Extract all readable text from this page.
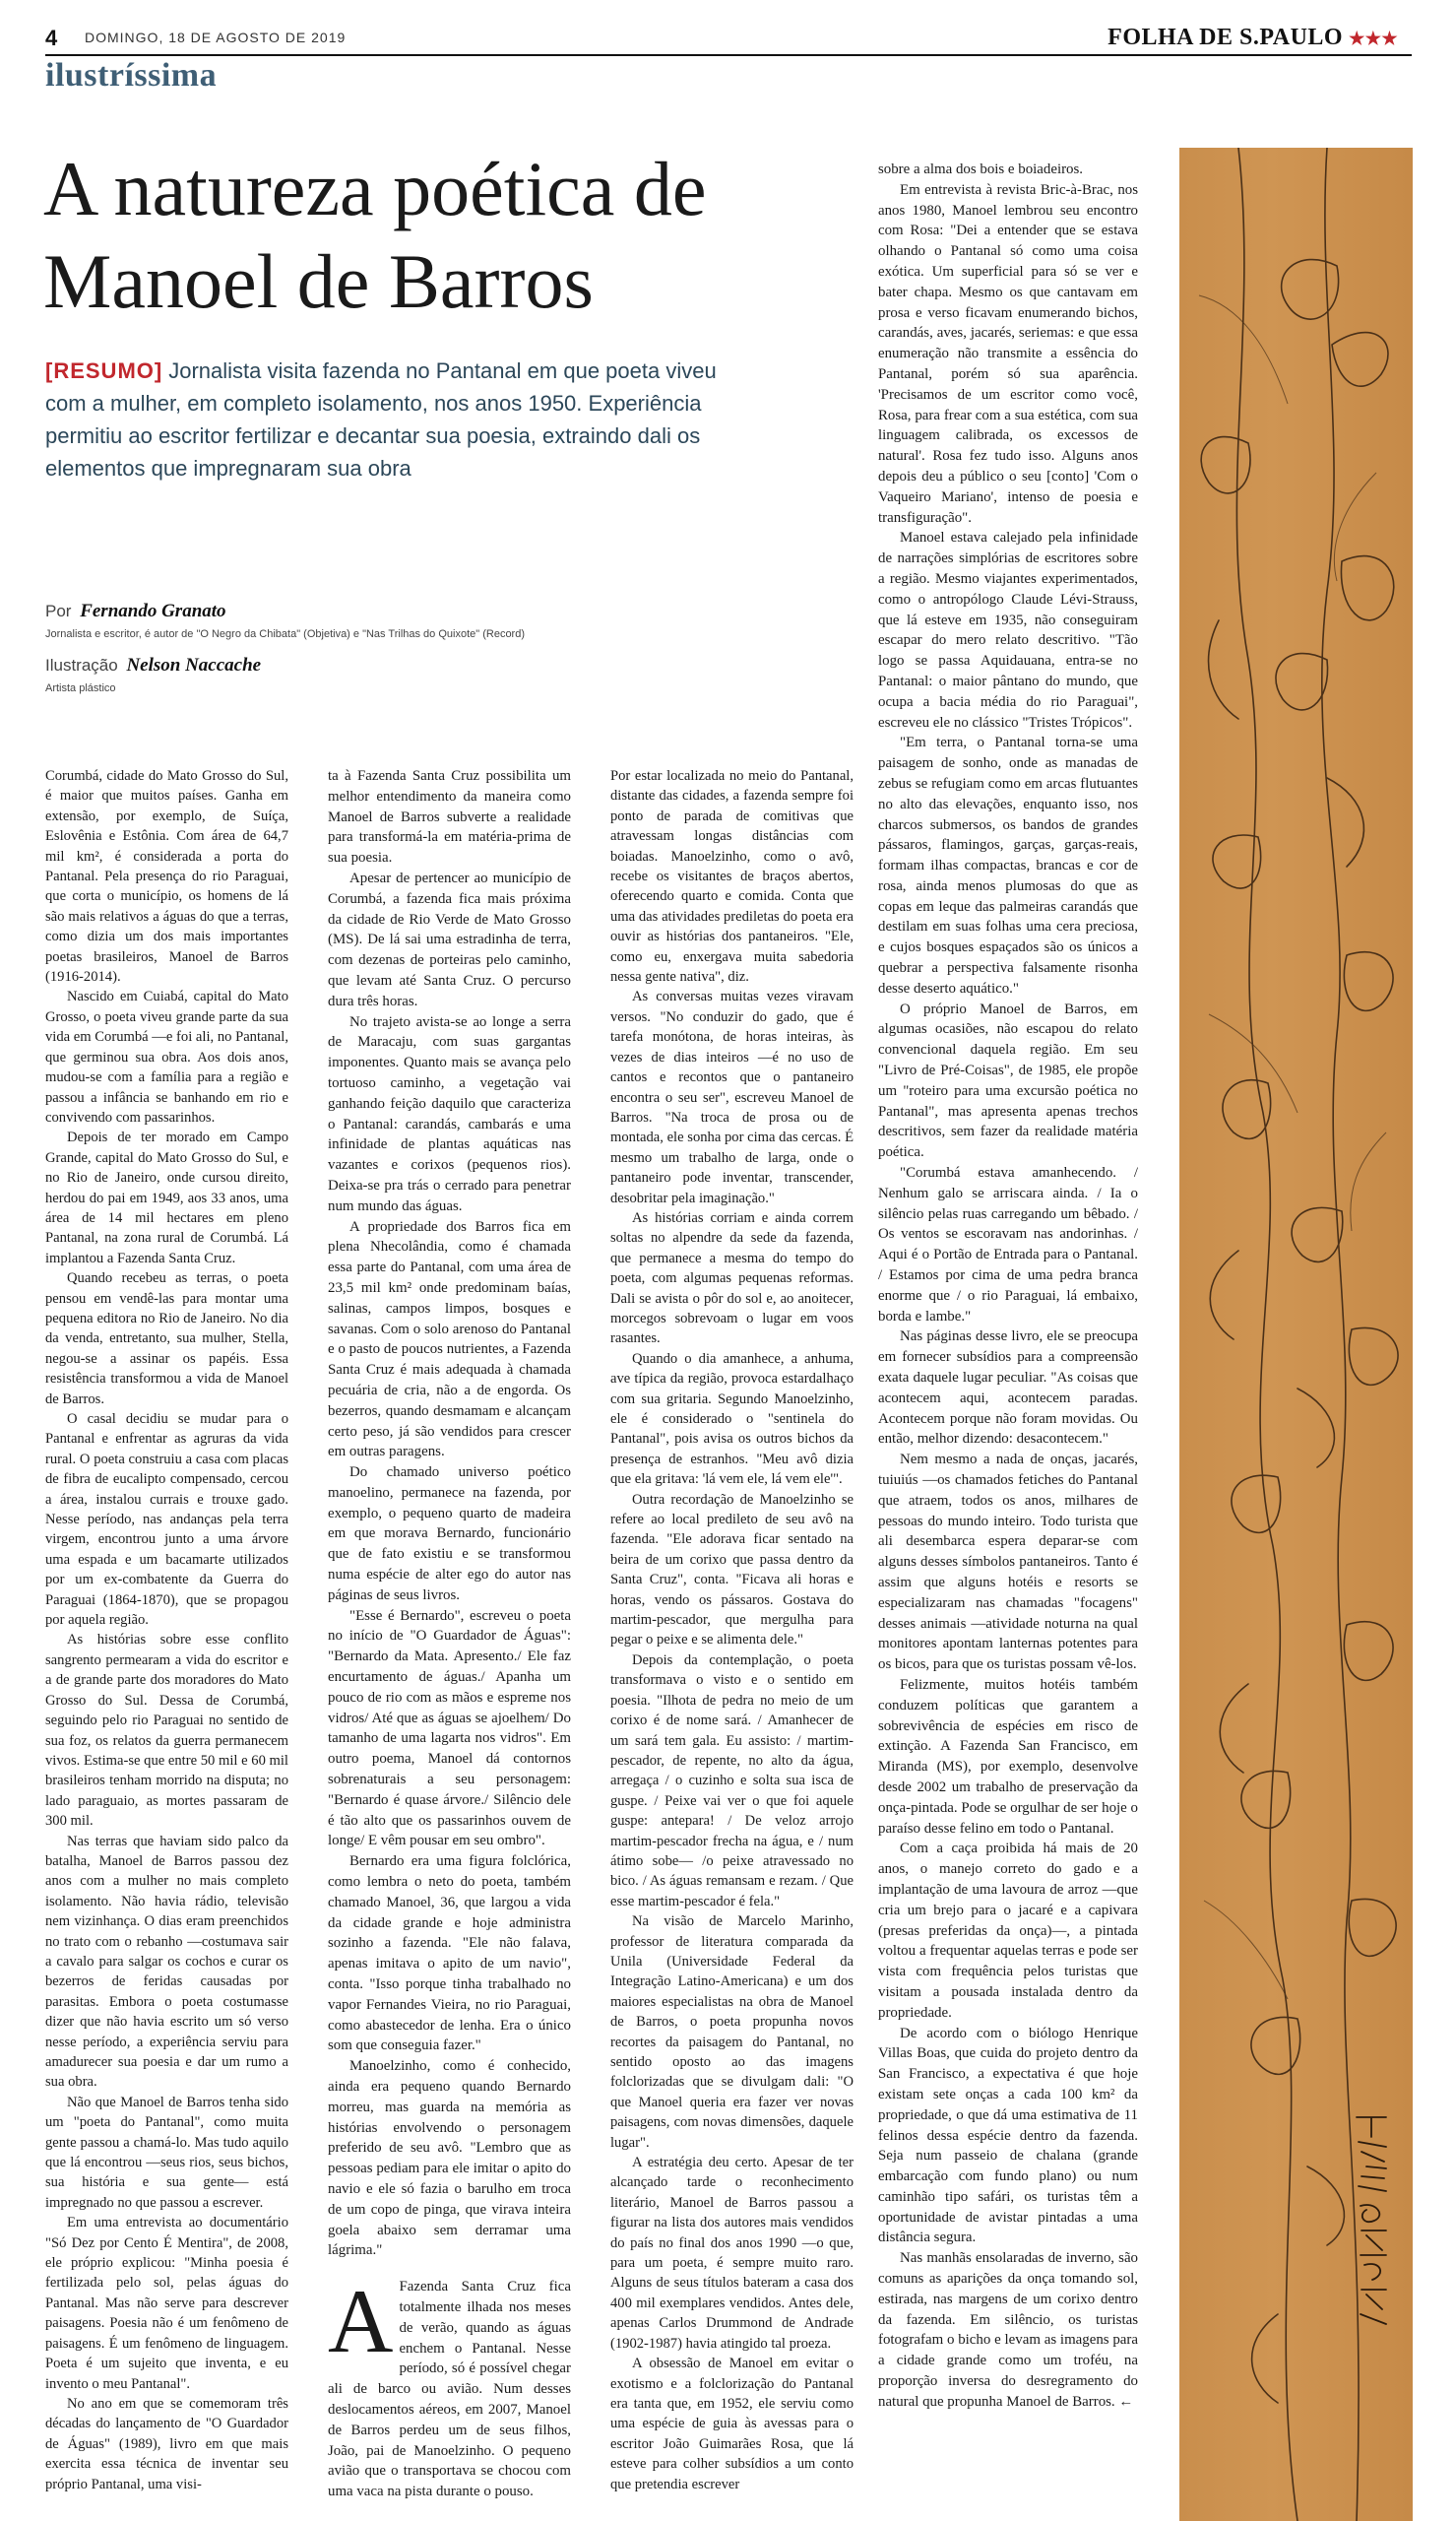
4 DOMINGO, 18 DE AGOSTO DE 2019	FOLHA DE S.PAULO ★★★
ilustríssima
A natureza poética de Manoel de Barros
[RESUMO] Jornalista visita fazenda no Pantanal em que poeta viveu com a mulher, em completo isolamento, nos anos 1950. Experiência permitiu ao escritor fertilizar e decantar sua poesia, extraindo dali os elementos que impregnaram sua obra
Por Fernando Granato
Jornalista e escritor, é autor de "O Negro da Chibata" (Objetiva) e "Nas Trilhas do Quixote" (Record)
Ilustração Nelson Naccache
Artista plástico

Corumbá, cidade do Mato Grosso do Sul, é maior que muitos países. Ganha em extensão, por exemplo, de Suíça, Eslovênia e Estônia. Com área de 64,7 mil km², é considerada a porta do Pantanal. Pela presença do rio Paraguai, que corta o município, os homens de lá são mais relativos a águas do que a terras, como dizia um dos mais importantes poetas brasileiros, Manoel de Barros (1916-2014).

Nascido em Cuiabá, capital do Mato Grosso, o poeta viveu grande parte da sua vida em Corumbá —e foi ali, no Pantanal, que germinou sua obra. Aos dois anos, mudou-se com a família para a região e passou a infância se banhando em rio e convivendo com passarinhos.

Depois de ter morado em Campo Grande, capital do Mato Grosso do Sul, e no Rio de Janeiro, onde cursou direito, herdou do pai em 1949, aos 33 anos, uma área de 14 mil hectares em pleno Pantanal, na zona rural de Corumbá. Lá implantou a Fazenda Santa Cruz.

Quando recebeu as terras, o poeta pensou em vendê-las para montar uma pequena editora no Rio de Janeiro. No dia da venda, entretanto, sua mulher, Stella, negou-se a assinar os papéis. Essa resistência transformou a vida de Manoel de Barros.

O casal decidiu se mudar para o Pantanal e enfrentar as agruras da vida rural. O poeta construiu a casa com placas de fibra de eucalipto compensado, cercou a área, instalou currais e trouxe gado. Nesse período, nas andanças pela terra virgem, encontrou junto a uma árvore uma espada e um bacamarte utilizados por um ex-combatente da Guerra do Paraguai (1864-1870), que se propagou por aquela região.

As histórias sobre esse conflito sangrento permearam a vida do escritor e a de grande parte dos moradores do Mato Grosso do Sul. Dessa de Corumbá, seguindo pelo rio Paraguai no sentido de sua foz, os relatos da guerra permanecem vivos. Estima-se que entre 50 mil e 60 mil brasileiros tenham morrido na disputa; no lado paraguaio, as mortes passaram de 300 mil.

Nas terras que haviam sido palco da batalha, Manoel de Barros passou dez anos com a mulher no mais completo isolamento. Não havia rádio, televisão nem vizinhança. O dias eram preenchidos no trato com o rebanho —costumava sair a cavalo para salgar os cochos e curar os bezerros de feridas causadas por parasitas. Embora o poeta costumasse dizer que não havia escrito um só verso nesse período, a experiência serviu para amadurecer sua poesia e dar um rumo a sua obra.

Não que Manoel de Barros tenha sido um "poeta do Pantanal", como muita gente passou a chamá-lo. Mas tudo aquilo que lá encontrou —seus rios, seus bichos, sua história e sua gente— está impregnado no que passou a escrever.

Em uma entrevista ao documentário "Só Dez por Cento É Mentira", de 2008, ele próprio explicou: "Minha poesia é fertilizada pelo sol, pelas águas do Pantanal. Mas não serve para descrever paisagens. Poesia não é um fenômeno de paisagens. É um fenômeno de linguagem. Poeta é um sujeito que inventa, e eu invento o meu Pantanal".

No ano em que se comemoram três décadas do lançamento de "O Guardador de Águas" (1989), livro em que mais exercita essa técnica de inventar seu próprio Pantanal, uma visi-

ta à Fazenda Santa Cruz possibilita um melhor entendimento da maneira como Manoel de Barros subverte a realidade para transformá-la em matéria-prima de sua poesia.

Apesar de pertencer ao município de Corumbá, a fazenda fica mais próxima da cidade de Rio Verde de Mato Grosso (MS). De lá sai uma estradinha de terra, com dezenas de porteiras pelo caminho, que levam até Santa Cruz. O percurso dura três horas.

No trajeto avista-se ao longe a serra de Maracaju, com suas gargantas imponentes. Quanto mais se avança pelo tortuoso caminho, a vegetação vai ganhando feição daquilo que caracteriza o Pantanal: carandás, cambarás e uma infinidade de plantas aquáticas nas vazantes e corixos (pequenos rios). Deixa-se pra trás o cerrado para penetrar num mundo das águas.

A propriedade dos Barros fica em plena Nhecolândia, como é chamada essa parte do Pantanal, com uma área de 23,5 mil km² onde predominam baías, salinas, campos limpos, bosques e savanas. Com o solo arenoso do Pantanal e o pasto de poucos nutrientes, a Fazenda Santa Cruz é mais adequada à chamada pecuária de cria, não a de engorda. Os bezerros, quando desmamam e alcançam certo peso, já são vendidos para crescer em outras paragens.

Do chamado universo poético manoelino, permanece na fazenda, por exemplo, o pequeno quarto de madeira em que morava Bernardo, funcionário que de fato existiu e se transformou numa espécie de alter ego do autor nas páginas de seus livros.

"Esse é Bernardo", escreveu o poeta no início de "O Guardador de Águas": "Bernardo da Mata. Apresento./ Ele faz encurtamento de águas./ Apanha um pouco de rio com as mãos e espreme nos vidros/ Até que as águas se ajoelhem/ Do tamanho de uma lagarta nos vidros". Em outro poema, Manoel dá contornos sobrenaturais a seu personagem: "Bernardo é quase árvore./ Silêncio dele é tão alto que os passarinhos ouvem de longe/ E vêm pousar em seu ombro".

Bernardo era uma figura folclórica, como lembra o neto do poeta, também chamado Manoel, 36, que largou a vida da cidade grande e hoje administra sozinho a fazenda. "Ele não falava, apenas imitava o apito de um navio", conta. "Isso porque tinha trabalhado no vapor Fernandes Vieira, no rio Paraguai, como abastecedor de lenha. Era o único som que conseguia fazer."

Manoelzinho, como é conhecido, ainda era pequeno quando Bernardo morreu, mas guarda na memória as histórias envolvendo o personagem preferido de seu avô. "Lembro que as pessoas pediam para ele imitar o apito do navio e ele só fazia o barulho em troca de um copo de pinga, que virava inteira goela abaixo sem derramar uma lágrima."

A Fazenda Santa Cruz fica totalmente ilhada nos meses de verão, quando as águas enchem o Pantanal. Nesse período, só é possível chegar ali de barco ou avião. Num desses deslocamentos aéreos, em 2007, Manoel de Barros perdeu um de seus filhos, João, pai de Manoelzinho. O pequeno avião que o transportava se chocou com uma vaca na pista durante o pouso.

Por estar localizada no meio do Pantanal, distante das cidades, a fazenda sempre foi ponto de parada de comitivas que atravessam longas distâncias com boiadas. Manoelzinho, como o avô, recebe os visitantes de braços abertos, oferecendo quarto e comida. Conta que uma das atividades prediletas do poeta era ouvir as histórias dos pantaneiros. "Ele, como eu, enxergava muita sabedoria nessa gente nativa", diz.

As conversas muitas vezes viravam versos. "No conduzir do gado, que é tarefa monótona, de horas inteiras, às vezes de dias inteiros —é no uso de cantos e recontos que o pantaneiro encontra o seu ser", escreveu Manoel de Barros. "Na troca de prosa ou de montada, ele sonha por cima das cercas. É mesmo um trabalho de larga, onde o pantaneiro pode inventar, transcender, desobritar pela imaginação."

As histórias corriam e ainda correm soltas no alpendre da sede da fazenda, que permanece a mesma do tempo do poeta, com algumas pequenas reformas. Dali se avista o pôr do sol e, ao anoitecer, morcegos sobrevoam o lugar em voos rasantes.

Quando o dia amanhece, a anhuma, ave típica da região, provoca estardalhaço com sua gritaria. Segundo Manoelzinho, ele é considerado o "sentinela do Pantanal", pois avisa os outros bichos da presença de estranhos. "Meu avô dizia que ela gritava: 'lá vem ele, lá vem ele'".

Outra recordação de Manoelzinho se refere ao local predileto de seu avô na fazenda. "Ele adorava ficar sentado na beira de um corixo que passa dentro da Santa Cruz", conta. "Ficava ali horas e horas, vendo os pássaros. Gostava do martim-pescador, que mergulha para pegar o peixe e se alimenta dele."

Depois da contemplação, o poeta transformava o visto e o sentido em poesia. "Ilhota de pedra no meio de um corixo é de nome sará. / Amanhecer de um sará tem gala. Eu assisto: / martim-pescador, de repente, no alto da água, arregaça / o cuzinho e solta sua isca de guspe. / Peixe vai ver o que foi aquele guspe: antepara! / De veloz arrojo martim-pescador frecha na água, e / num átimo sobe— /o peixe atravessado no bico. / As águas remansam e rezam. / Que esse martim-pescador é fela."

Na visão de Marcelo Marinho, professor de literatura comparada da Unila (Universidade Federal da Integração Latino-Americana) e um dos maiores especialistas na obra de Manoel de Barros, o poeta propunha novos recortes da paisagem do Pantanal, no sentido oposto ao das imagens folclorizadas que se divulgam dali: "O que Manoel queria era fazer ver novas paisagens, com novas dimensões, daquele lugar".

A estratégia deu certo. Apesar de ter alcançado tarde o reconhecimento literário, Manoel de Barros passou a figurar na lista dos autores mais vendidos do país no final dos anos 1990 —o que, para um poeta, é sempre muito raro. Alguns de seus títulos bateram a casa dos 400 mil exemplares vendidos. Antes dele, apenas Carlos Drummond de Andrade (1902-1987) havia atingido tal proeza.

A obsessão de Manoel em evitar o exotismo e a folclorização do Pantanal era tanta que, em 1952, ele serviu como uma espécie de guia às avessas para o escritor João Guimarães Rosa, que lá esteve para colher subsídios a um conto que pretendia escrever

sobre a alma dos bois e boiadeiros.

Em entrevista à revista Bric-à-Brac, nos anos 1980, Manoel lembrou seu encontro com Rosa: "Dei a entender que se estava olhando o Pantanal só como uma coisa exótica. Um superficial para só se ver e bater chapa. Mesmo os que cantavam em prosa e verso ficavam enumerando bichos, carandás, aves, jacarés, seriemas: e que essa enumeração não transmite a essência do Pantanal, porém só sua aparência. 'Precisamos de um escritor como você, Rosa, para frear com a sua estética, com sua linguagem calibrada, os excessos de natural'. Rosa fez tudo isso. Alguns anos depois deu a público o seu [conto] 'Com o Vaqueiro Mariano', intenso de poesia e transfiguração".

Manoel estava calejado pela infinidade de narrações simplórias de escritores sobre a região. Mesmo viajantes experimentados, como o antropólogo Claude Lévi-Strauss, que lá esteve em 1935, não conseguiram escapar do mero relato descritivo. "Tão logo se passa Aquidauana, entra-se no Pantanal: o maior pântano do mundo, que ocupa a bacia média do rio Paraguai", escreveu ele no clássico "Tristes Trópicos".

"Em terra, o Pantanal torna-se uma paisagem de sonho, onde as manadas de zebus se refugiam como em arcas flutuantes no alto das elevações, enquanto isso, nos charcos submersos, os bandos de grandes pássaros, flamingos, garças, garças-reais, formam ilhas compactas, brancas e cor de rosa, ainda menos plumosas do que as copas em leque das palmeiras carandás que destilam em suas folhas uma cera preciosa, e cujos bosques espaçados são os únicos a quebrar a perspectiva falsamente risonha desse deserto aquático."

O próprio Manoel de Barros, em algumas ocasiões, não escapou do relato convencional daquela região. Em seu "Livro de Pré-Coisas", de 1985, ele propõe um "roteiro para uma excursão poética no Pantanal", mas apresenta apenas trechos descritivos, sem fazer da realidade matéria poética.

"Corumbá estava amanhecendo. / Nenhum galo se arriscara ainda. / Ia o silêncio pelas ruas carregando um bêbado. / Os ventos se escoravam nas andorinhas. / Aqui é o Portão de Entrada para o Pantanal. / Estamos por cima de uma pedra branca enorme que / o rio Paraguai, lá embaixo, borda e lambe."

Nas páginas desse livro, ele se preocupa em fornecer subsídios para a compreensão exata daquele lugar peculiar. "As coisas que acontecem aqui, acontecem paradas. Acontecem porque não foram movidas. Ou então, melhor dizendo: desacontecem."

Nem mesmo a nada de onças, jacarés, tuiuiús —os chamados fetiches do Pantanal que atraem, todos os anos, milhares de pessoas do mundo inteiro. Todo turista que ali desembarca espera deparar-se com alguns desses símbolos pantaneiros. Tanto é assim que alguns hotéis e resorts se especializaram nas chamadas "focagens" desses animais —atividade noturna na qual monitores apontam lanternas potentes para os bicos, para que os turistas possam vê-los.

Felizmente, muitos hotéis também conduzem políticas que garantem a sobrevivência de espécies em risco de extinção. A Fazenda San Francisco, em Miranda (MS), por exemplo, desenvolve desde 2002 um trabalho de preservação da onça-pintada. Pode se orgulhar de ser hoje o paraíso desse felino em todo o Pantanal.

Com a caça proibida há mais de 20 anos, o manejo correto do gado e a implantação de uma lavoura de arroz —que cria um brejo para o jacaré e a capivara (presas preferidas da onça)—, a pintada voltou a frequentar aquelas terras e pode ser vista com frequência pelos turistas que visitam a pousada instalada dentro da propriedade.

De acordo com o biólogo Henrique Villas Boas, que cuida do projeto dentro da San Francisco, a expectativa é que hoje existam sete onças a cada 100 km² da propriedade, o que dá uma estimativa de 11 felinos dessa espécie dentro da fazenda. Seja num passeio de chalana (grande embarcação com fundo plano) ou num caminhão tipo safári, os turistas têm a oportunidade de avistar pintadas a uma distância segura.

Nas manhãs ensolaradas de inverno, são comuns as aparições da onça tomando sol, estirada, nas margens de um corixo dentro da fazenda. Em silêncio, os turistas fotografam o bicho e levam as imagens para a cidade grande como um troféu, na proporção inversa do desregramento do natural que propunha Manoel de Barros. ←
